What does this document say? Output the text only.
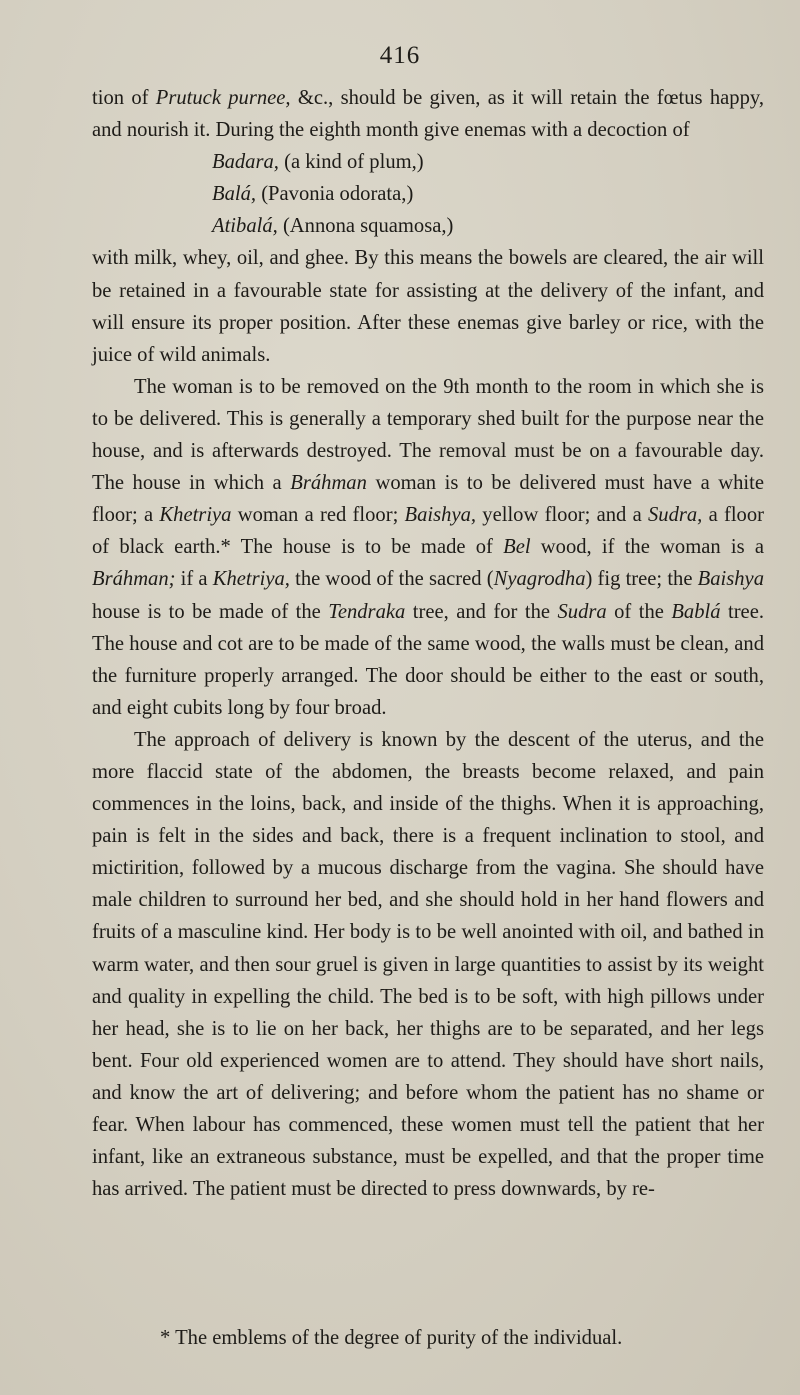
416

tion of Prutuck purnee, &c., should be given, as it will retain the fœtus happy, and nourish it. During the eighth month give enemas with a decoction of

Badara, (a kind of plum,)
Balá, (Pavonia odorata,)
Atibalá, (Annona squamosa,)

with milk, whey, oil, and ghee. By this means the bowels are cleared, the air will be retained in a favourable state for assisting at the delivery of the infant, and will ensure its proper position. After these enemas give barley or rice, with the juice of wild animals.

The woman is to be removed on the 9th month to the room in which she is to be delivered. This is generally a temporary shed built for the purpose near the house, and is afterwards destroyed. The removal must be on a favourable day. The house in which a Bráhman woman is to be delivered must have a white floor; a Khetriya woman a red floor; Baishya, yellow floor; and a Sudra, a floor of black earth.* The house is to be made of Bel wood, if the woman is a Bráhman; if a Khetriya, the wood of the sacred (Nyagrodha) fig tree; the Baishya house is to be made of the Tendraka tree, and for the Sudra of the Bablá tree. The house and cot are to be made of the same wood, the walls must be clean, and the furniture properly arranged. The door should be either to the east or south, and eight cubits long by four broad.

The approach of delivery is known by the descent of the uterus, and the more flaccid state of the abdomen, the breasts become relaxed, and pain commences in the loins, back, and inside of the thighs. When it is approaching, pain is felt in the sides and back, there is a frequent inclination to stool, and mictirition, followed by a mucous discharge from the vagina. She should have male children to surround her bed, and she should hold in her hand flowers and fruits of a masculine kind. Her body is to be well anointed with oil, and bathed in warm water, and then sour gruel is given in large quantities to assist by its weight and quality in expelling the child. The bed is to be soft, with high pillows under her head, she is to lie on her back, her thighs are to be separated, and her legs bent. Four old experienced women are to attend. They should have short nails, and know the art of delivering; and before whom the patient has no shame or fear. When labour has commenced, these women must tell the patient that her infant, like an extraneous substance, must be expelled, and that the proper time has arrived. The patient must be directed to press downwards, by re-

* The emblems of the degree of purity of the individual.
